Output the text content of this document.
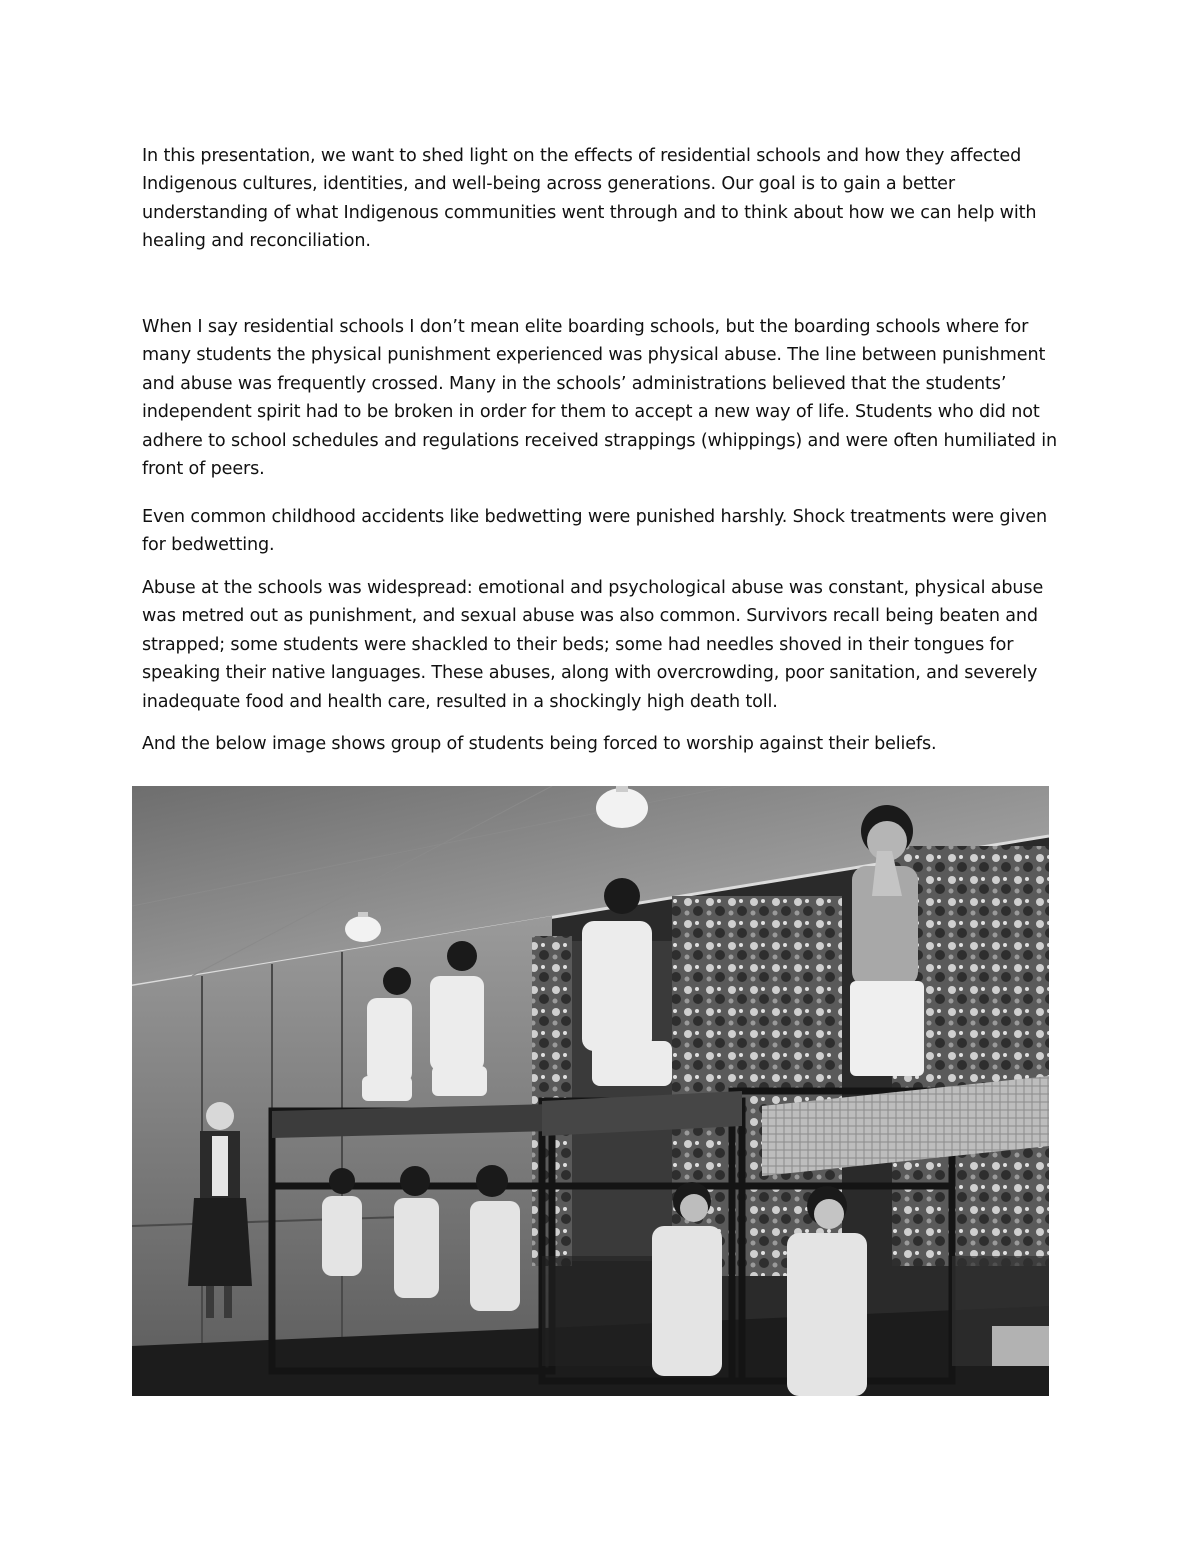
In this presentation, we want to shed light on the effects of residential schools and how they affected Indigenous cultures, identities, and well-being across generations. Our goal is to gain a better understanding of what Indigenous communities went through and to think about how we can help with healing and reconciliation.

When I say residential schools I don’t mean elite boarding schools, but the boarding schools where for many students the physical punishment experienced was physical abuse. The line between punishment and abuse was frequently crossed. Many in the schools’ administrations believed that the students’ independent spirit had to be broken in order for them to accept a new way of life. Students who did not adhere to school schedules and regulations received strappings (whippings) and were often humiliated in front of peers.

Even common childhood accidents like bedwetting were punished harshly. Shock treatments were given for bedwetting.

Abuse at the schools was widespread: emotional and psychological abuse was constant, physical abuse was metred out as punishment, and sexual abuse was also common. Survivors recall being beaten and strapped; some students were shackled to their beds; some had needles shoved in their tongues for speaking their native languages. These abuses, along with overcrowding, poor sanitation, and severely inadequate food and health care, resulted in a shockingly high death toll.

And the below image shows group of students being forced to worship against their beliefs.
